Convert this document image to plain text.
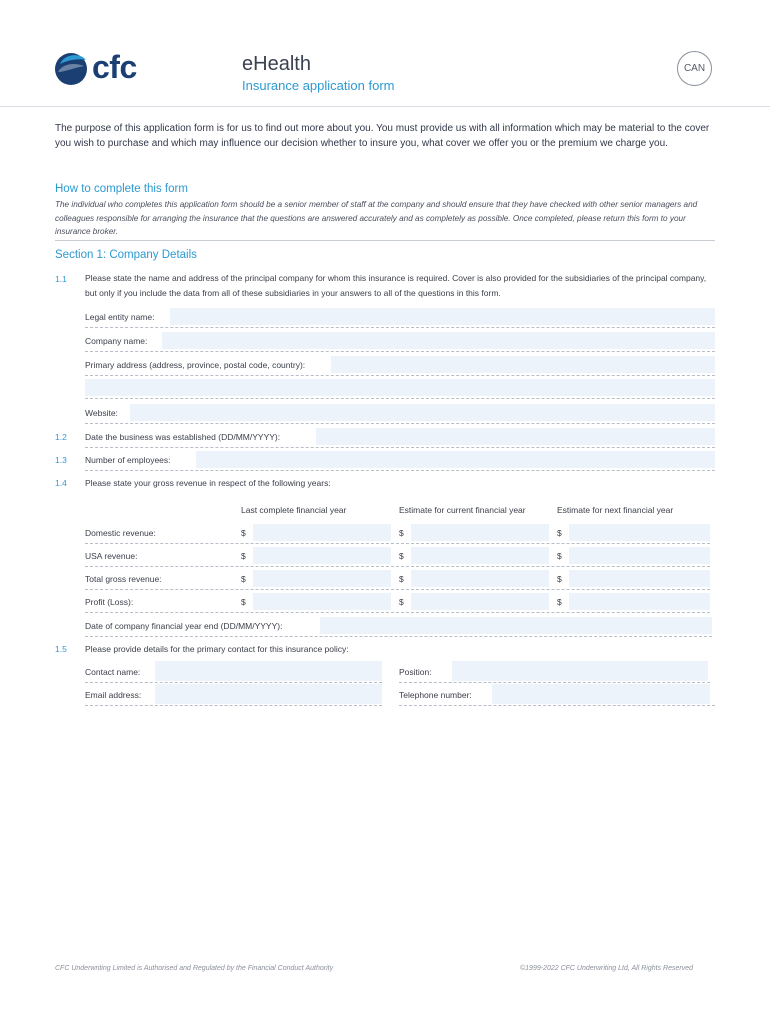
cfc	eHealth
Insurance application form
CAN
The purpose of this application form is for us to find out more about you. You must provide us with all information which may be material to the cover you wish to purchase and which may influence our decision whether to insure you, what cover we offer you or the premium we charge you.
How to complete this form
The individual who completes this application form should be a senior member of staff at the company and should ensure that they have checked with other senior managers and colleagues responsible for arranging the insurance that the questions are answered accurately and as completely as possible. Once completed, please return this form to your insurance broker.
Section 1: Company Details
1.1 Please state the name and address of the principal company for whom this insurance is required. Cover is also provided for the subsidiaries of the principal company, but only if you include the data from all of these subsidiaries in your answers to all of the questions in this form.
Legal entity name:
Company name:
Primary address (address, province, postal code, country):
Website:
1.2 Date the business was established (DD/MM/YYYY):
1.3 Number of employees:
1.4 Please state your gross revenue in respect of the following years:
Last complete financial year	Estimate for current financial year	Estimate for next financial year
Domestic revenue:	$	$	$
USA revenue:	$	$	$
Total gross revenue:	$	$	$
Profit (Loss):	$	$	$
Date of company financial year end (DD/MM/YYYY):
1.5 Please provide details for the primary contact for this insurance policy:
Contact name:	Position:
Email address:	Telephone number:
CFC Underwriting Limited is Authorised and Regulated by the Financial Conduct Authority	©1999-2022 CFC Underwriting Ltd, All Rights Reserved
